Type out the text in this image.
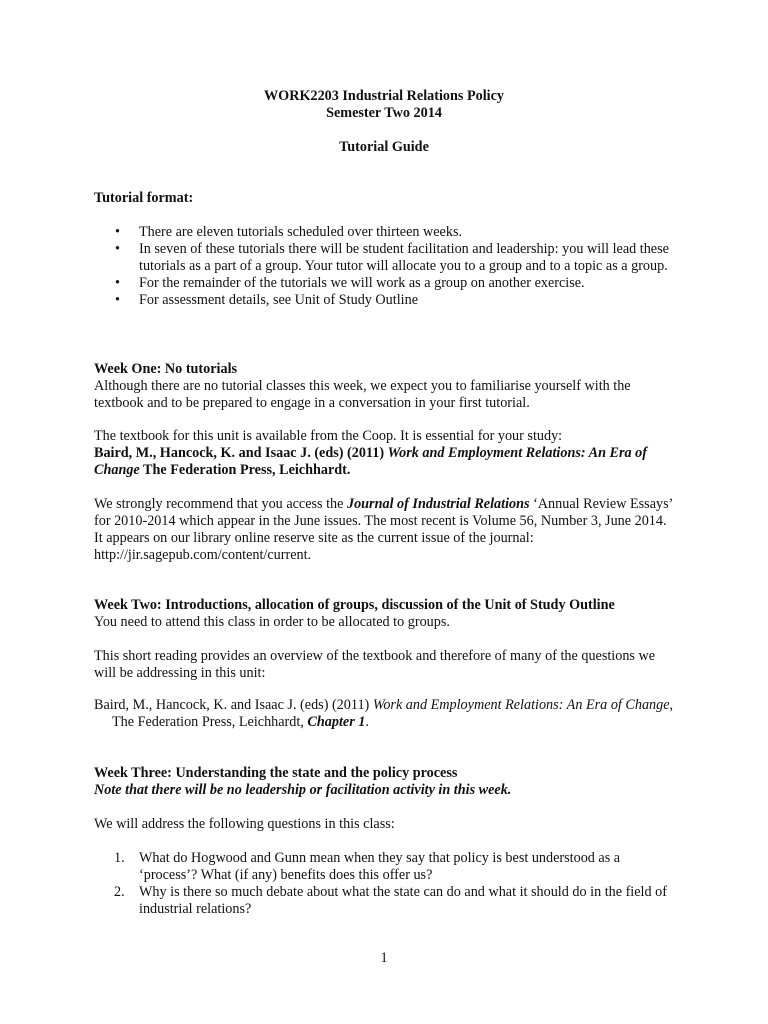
WORK2203 Industrial Relations Policy
Semester Two 2014
Tutorial Guide
Tutorial format:
• There are eleven tutorials scheduled over thirteen weeks.
• In seven of these tutorials there will be student facilitation and leadership: you will lead these tutorials as a part of a group. Your tutor will allocate you to a group and to a topic as a group.
• For the remainder of the tutorials we will work as a group on another exercise.
• For assessment details, see Unit of Study Outline
Week One: No tutorials
Although there are no tutorial classes this week, we expect you to familiarise yourself with the textbook and to be prepared to engage in a conversation in your first tutorial.
The textbook for this unit is available from the Coop. It is essential for your study:
Baird, M., Hancock, K. and Isaac J. (eds) (2011) Work and Employment Relations: An Era of Change The Federation Press, Leichhardt.
We strongly recommend that you access the Journal of Industrial Relations ‘Annual Review Essays’ for 2010-2014 which appear in the June issues. The most recent is Volume 56, Number 3, June 2014. It appears on our library online reserve site as the current issue of the journal: http://jir.sagepub.com/content/current.
Week Two: Introductions, allocation of groups, discussion of the Unit of Study Outline
You need to attend this class in order to be allocated to groups.
This short reading provides an overview of the textbook and therefore of many of the questions we will be addressing in this unit:
Baird, M., Hancock, K. and Isaac J. (eds) (2011) Work and Employment Relations: An Era of Change, The Federation Press, Leichhardt, Chapter 1.
Week Three: Understanding the state and the policy process
Note that there will be no leadership or facilitation activity in this week.
We will address the following questions in this class:
1. What do Hogwood and Gunn mean when they say that policy is best understood as a ‘process’? What (if any) benefits does this offer us?
2. Why is there so much debate about what the state can do and what it should do in the field of industrial relations?
1
